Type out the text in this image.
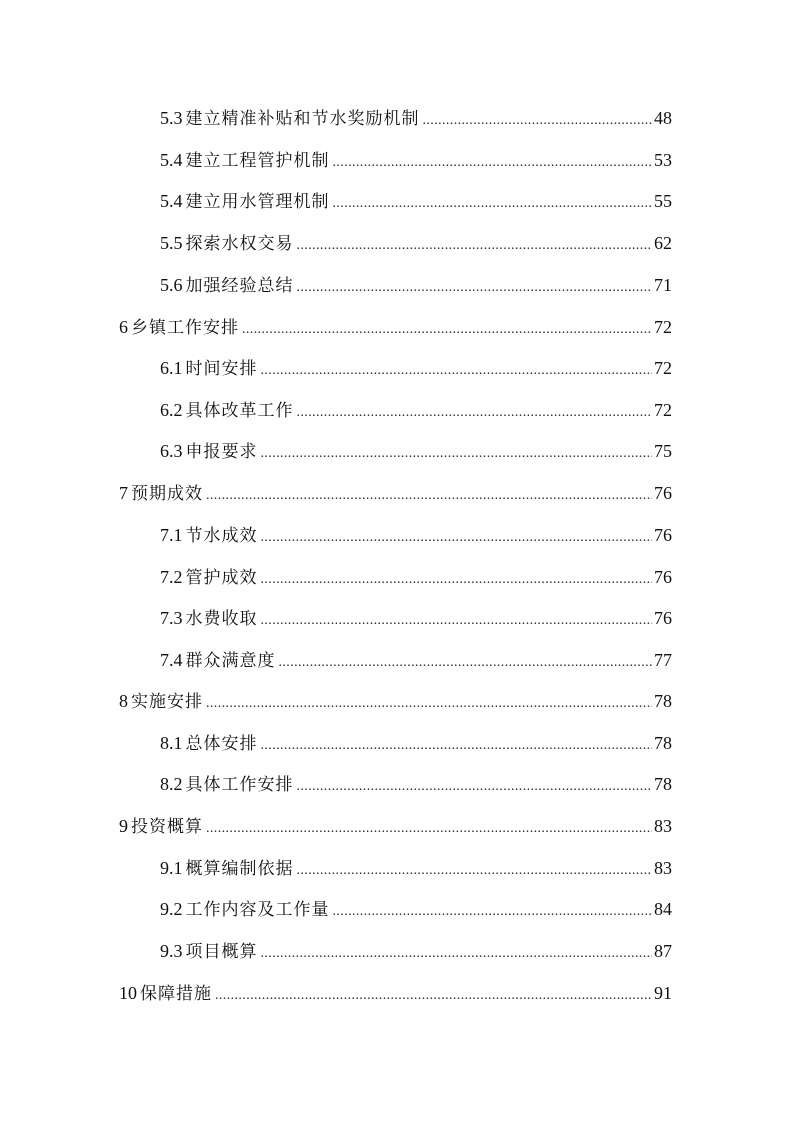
5.3 建立精准补贴和节水奖励机制 .....	48
5.4 建立工程管护机制 .....	53
5.4 建立用水管理机制 .....	55
5.5 探索水权交易 .....	62
5.6 加强经验总结 .....	71
6 乡镇工作安排 .....	72
6.1 时间安排 .....	72
6.2 具体改革工作 .....	72
6.3 申报要求 .....	75
7 预期成效 .....	76
7.1 节水成效 .....	76
7.2 管护成效 .....	76
7.3 水费收取 .....	76
7.4 群众满意度 .....	77
8 实施安排 .....	78
8.1 总体安排 .....	78
8.2 具体工作安排 .....	78
9 投资概算 .....	83
9.1 概算编制依据 .....	83
9.2 工作内容及工作量 .....	84
9.3 项目概算 .....	87
10 保障措施 .....	91
